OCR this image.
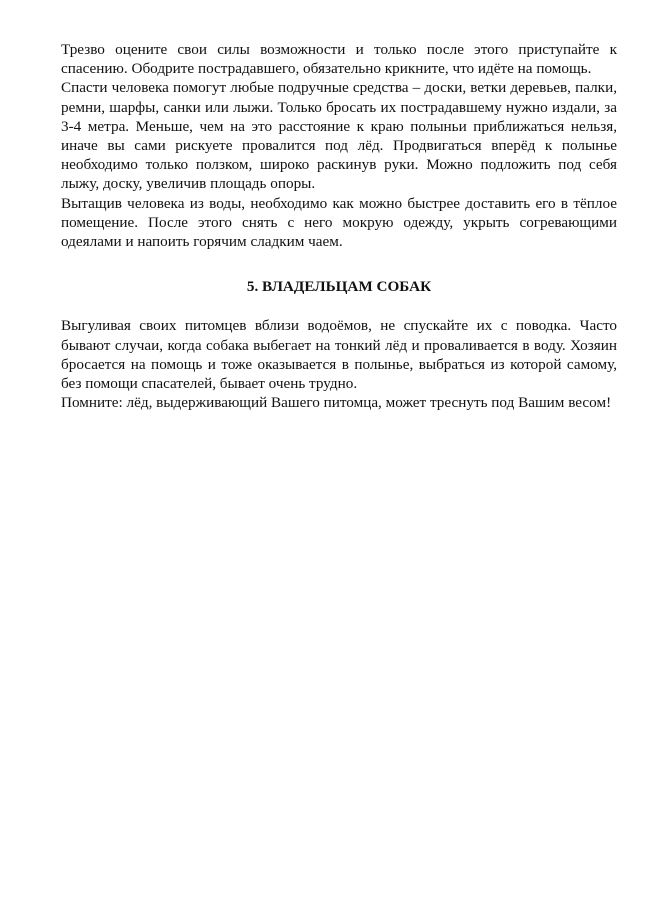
Трезво оцените свои силы возможности и только после этого приступайте к спасению. Ободрите пострадавшего, обязательно крикните, что идёте на помощь.

Спасти человека помогут любые подручные средства – доски, ветки деревьев, палки, ремни, шарфы, санки или лыжи. Только бросать их пострадавшему нужно издали, за 3-4 метра. Меньше, чем на это расстояние к краю полыньи приближаться нельзя, иначе вы сами рискуете провалится под лёд. Продвигаться вперёд к полынье необходимо только ползком, широко раскинув руки. Можно подложить под себя лыжу, доску, увеличив площадь опоры.

Вытащив человека из воды, необходимо как можно быстрее доставить его в тёплое помещение. После этого снять с него мокрую одежду, укрыть согревающими одеялами и напоить горячим сладким чаем.

5. ВЛАДЕЛЬЦАМ СОБАК

Выгуливая своих питомцев вблизи водоёмов, не спускайте их с поводка. Часто бывают случаи, когда собака выбегает на тонкий лёд и проваливается в воду. Хозяин бросается на помощь и тоже оказывается в полынье, выбраться из которой самому, без помощи спасателей, бывает очень трудно.

Помните: лёд, выдерживающий Вашего питомца, может треснуть под Вашим весом!
